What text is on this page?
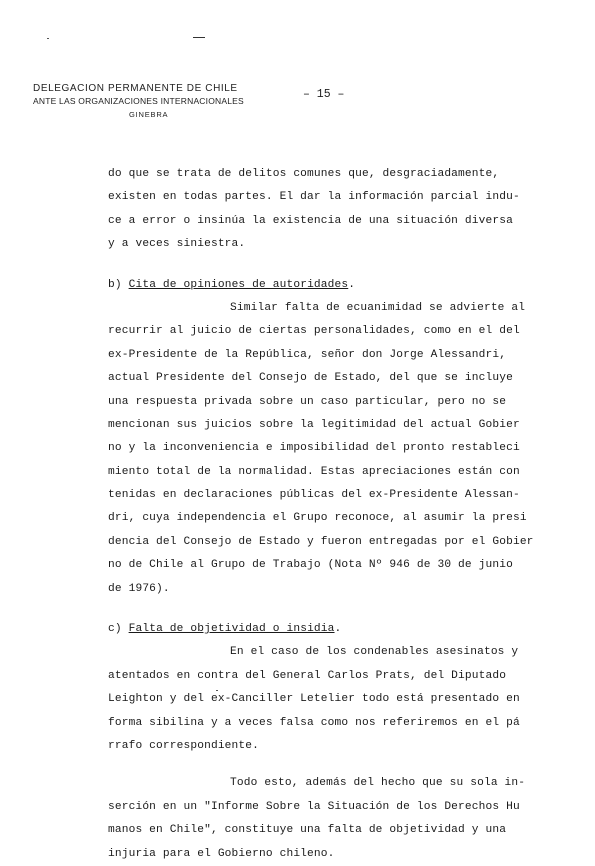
DELEGACION PERMANENTE DE CHILE
ANTE LAS ORGANIZACIONES INTERNACIONALES
GINEBRA
– 15 –

do que se trata de delitos comunes que, desgraciadamente,
existen en todas partes. El dar la información parcial indu-
ce a error o insinúa la existencia de una situación diversa
y a veces siniestra.

b) Cita de opiniones de autoridades.
Similar falta de ecuanimidad se advierte al
recurrir al juicio de ciertas personalidades, como en el del
ex-Presidente de la República, señor don Jorge Alessandri,
actual Presidente del Consejo de Estado, del que se incluye
una respuesta privada sobre un caso particular, pero no se
mencionan sus juicios sobre la legitimidad del actual Gobier
no y la inconveniencia e imposibilidad del pronto restableci
miento total de la normalidad. Estas apreciaciones están con
tenidas en declaraciones públicas del ex-Presidente Alessan-
dri, cuya independencia el Grupo reconoce, al asumir la presi
dencia del Consejo de Estado y fueron entregadas por el Gobier
no de Chile al Grupo de Trabajo (Nota Nº 946 de 30 de junio
de 1976).
c) Falta de objetividad o insidia.
En el caso de los condenables asesinatos y
atentados en contra del General Carlos Prats, del Diputado
Leighton y del ex-Canciller Letelier todo está presentado en
forma sibilina y a veces falsa como nos referiremos en el pá
rrafo correspondiente.

Todo esto, además del hecho que su sola in-
serción en un "Informe Sobre la Situación de los Derechos Hu
manos en Chile", constituye una falta de objetividad y una
injuria para el Gobierno chileno.
